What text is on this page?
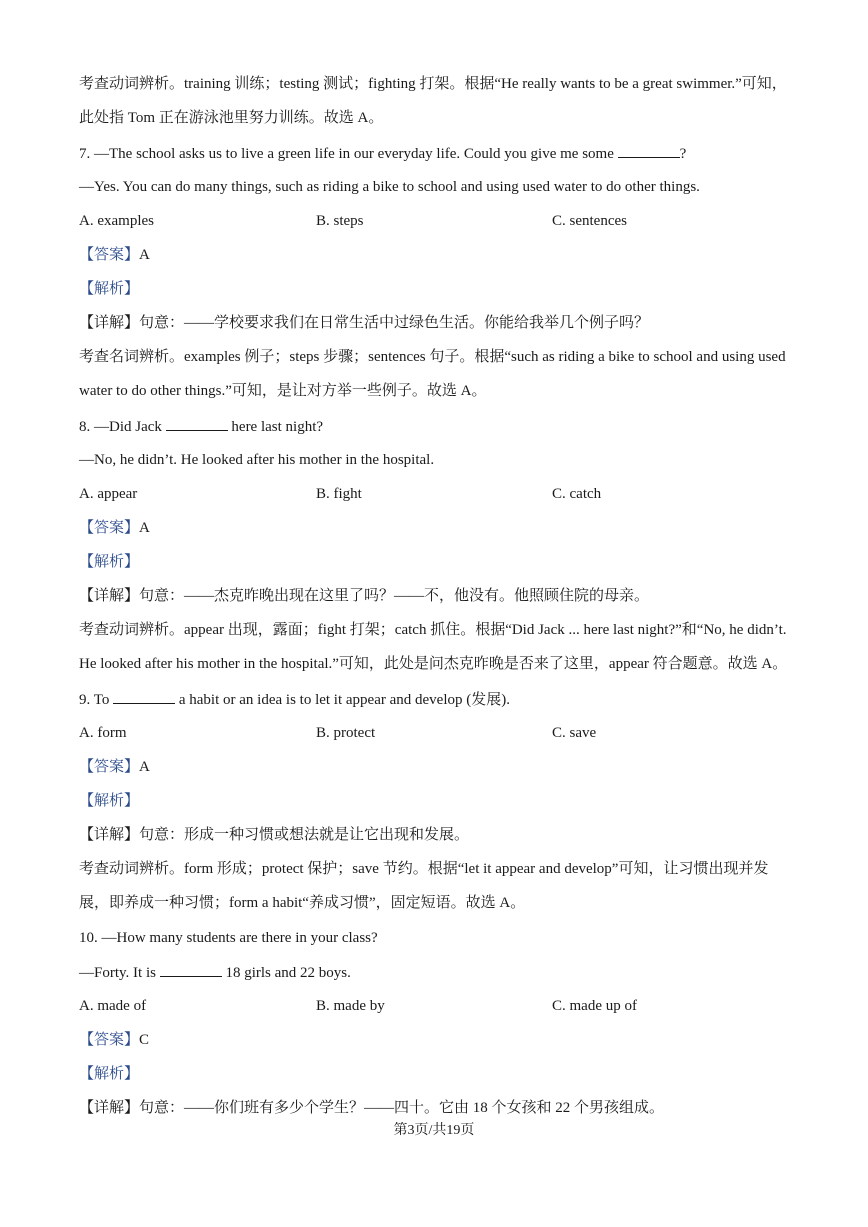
考查动词辨析。training 训练；testing 测试；fighting 打架。根据“He really wants to be a great swimmer.”可知，
此处指 Tom 正在游泳池里努力训练。故选 A。
7. —The school asks us to live a green life in our everyday life. Could you give me some	?
—Yes. You can do many things, such as riding a bike to school and using used water to do other things.
A. examples	B. steps	C. sentences
【答案】A
【解析】
【详解】句意：——学校要求我们在日常生活中过绿色生活。你能给我举几个例子吗？
考查名词辨析。examples 例子；steps 步骤；sentences 句子。根据“such as riding a bike to school and using used
water to do other things.”可知，是让对方举一些例子。故选 A。
8. —Did Jack	here last night?
—No, he didn’t. He looked after his mother in the hospital.
A. appear	B. fight	C. catch
【答案】A
【解析】
【详解】句意：——杰克昨晚出现在这里了吗？——不，他没有。他照顾住院的母亲。
考查动词辨析。appear 出现，露面；fight 打架；catch 抓住。根据“Did Jack ... here last night?”和“No, he didn’t.
He looked after his mother in the hospital.”可知，此处是问杰克昨晚是否来了这里，appear 符合题意。故选 A。
9. To	a habit or an idea is to let it appear and develop (发展).
A. form	B. protect	C. save
【答案】A
【解析】
【详解】句意：形成一种习惯或想法就是让它出现和发展。
考查动词辨析。form 形成；protect 保护；save 节约。根据“let it appear and develop”可知，让习惯出现并发
展，即养成一种习惯；form a habit“养成习惯”，固定短语。故选 A。
10. —How many students are there in your class?
—Forty. It is	18 girls and 22 boys.
A. made of	B. made by	C. made up of
【答案】C
【解析】
【详解】句意：——你们班有多少个学生？——四十。它由 18 个女孩和 22 个男孩组成。
第3页/共19页
